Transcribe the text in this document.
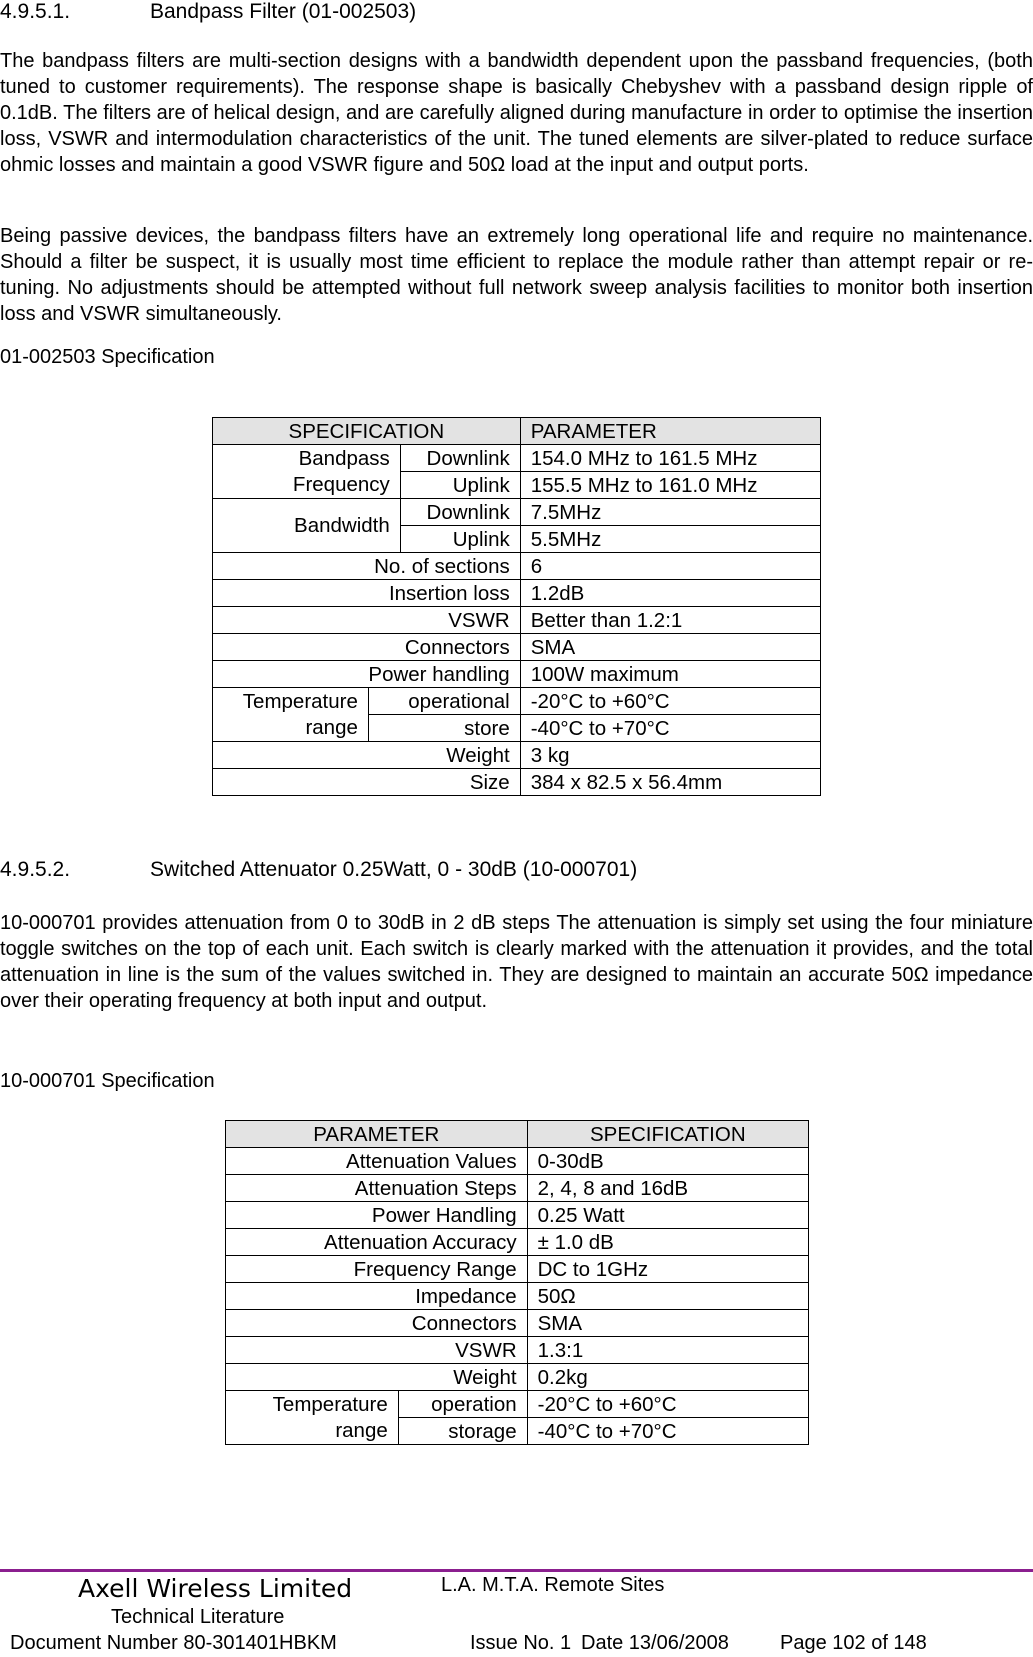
4.9.5.1.	Bandpass Filter (01-002503)
The bandpass filters are multi-section designs with a bandwidth dependent upon the passband frequencies, (both tuned to customer requirements). The response shape is basically Chebyshev with a passband design ripple of 0.1dB. The filters are of helical design, and are carefully aligned during manufacture in order to optimise the insertion loss, VSWR and intermodulation characteristics of the unit. The tuned elements are silver-plated to reduce surface ohmic losses and maintain a good VSWR figure and 50Ω load at the input and output ports.
Being passive devices, the bandpass filters have an extremely long operational life and require no maintenance. Should a filter be suspect, it is usually most time efficient to replace the module rather than attempt repair or re-tuning. No adjustments should be attempted without full network sweep analysis facilities to monitor both insertion loss and VSWR simultaneously.
01-002503 Specification
SPECIFICATION			PARAMETER
Bandpass
Frequency		Downlink	154.0 MHz to 161.5 MHz
		Uplink	155.5 MHz to 161.0 MHz
Bandwidth		Downlink	7.5MHz
		Uplink	5.5MHz
No. of sections			6
Insertion loss			1.2dB
VSWR			Better than 1.2:1
Connectors			SMA
Power handling			100W maximum
Temperature
range	operational		-20°C to +60°C
	store		-40°C to +70°C
Weight			3 kg
Size			384 x 82.5 x 56.4mm
4.9.5.2.	Switched Attenuator 0.25Watt, 0 - 30dB (10-000701)
10-000701 provides attenuation from 0 to 30dB in 2 dB steps The attenuation is simply set using the four miniature toggle switches on the top of each unit. Each switch is clearly marked with the attenuation it provides, and the total attenuation in line is the sum of the values switched in. They are designed to maintain an accurate 50Ω impedance over their operating frequency at both input and output.
10-000701 Specification
PARAMETER		SPECIFICATION
Attenuation Values		0-30dB
Attenuation Steps		2, 4, 8 and 16dB
Power Handling		0.25 Watt
Attenuation Accuracy		± 1.0 dB
Frequency Range		DC to 1GHz
Impedance		50Ω
Connectors		SMA
VSWR		1.3:1
Weight		0.2kg
Temperature
range	operation	-20°C to +60°C
	storage	-40°C to +70°C
Axell Wireless Limited	L.A. M.T.A. Remote Sites
Technical Literature
Document Number 80-301401HBKM	Issue No. 1 Date 13/06/2008	Page 102 of 148
